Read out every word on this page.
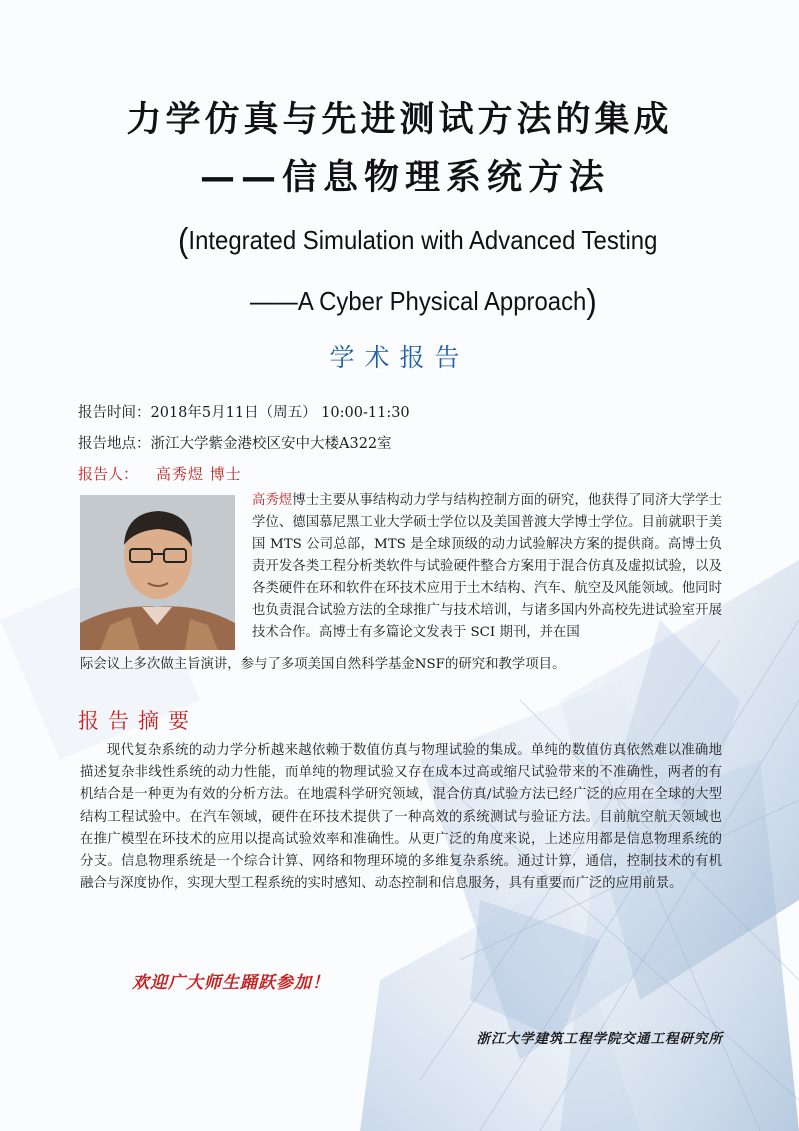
力学仿真与先进测试方法的集成
——信息物理系统方法
(Integrated Simulation with Advanced Testing
——A Cyber Physical Approach)
学术报告
报告时间：2018年5月11日（周五） 10:00-11:30
报告地点：浙江大学紫金港校区安中大楼A322室
报告人： 高秀煜 博士
高秀煜博士主要从事结构动力学与结构控制方面的研究，他获得了同济大学学士学位、德国慕尼黑工业大学硕士学位以及美国普渡大学博士学位。目前就职于美国 MTS 公司总部，MTS 是全球顶级的动力试验解决方案的提供商。高博士负责开发各类工程分析类软件与试验硬件整合方案用于混合仿真及虚拟试验，以及各类硬件在环和软件在环技术应用于土木结构、汽车、航空及风能领域。他同时也负责混合试验方法的全球推广与技术培训，与诸多国内外高校先进试验室开展技术合作。高博士有多篇论文发表于 SCI 期刊，并在国
际会议上多次做主旨演讲，参与了多项美国自然科学基金NSF的研究和教学项目。
报告摘要
现代复杂系统的动力学分析越来越依赖于数值仿真与物理试验的集成。单纯的数值仿真依然难以准确地描述复杂非线性系统的动力性能，而单纯的物理试验又存在成本过高或缩尺试验带来的不准确性，两者的有机结合是一种更为有效的分析方法。在地震科学研究领域，混合仿真/试验方法已经广泛的应用在全球的大型结构工程试验中。在汽车领域，硬件在环技术提供了一种高效的系统测试与验证方法。目前航空航天领域也在推广模型在环技术的应用以提高试验效率和准确性。从更广泛的角度来说，上述应用都是信息物理系统的分支。信息物理系统是一个综合计算、网络和物理环境的多维复杂系统。通过计算，通信，控制技术的有机融合与深度协作，实现大型工程系统的实时感知、动态控制和信息服务，具有重要而广泛的应用前景。
欢迎广大师生踊跃参加！
浙江大学建筑工程学院交通工程研究所
